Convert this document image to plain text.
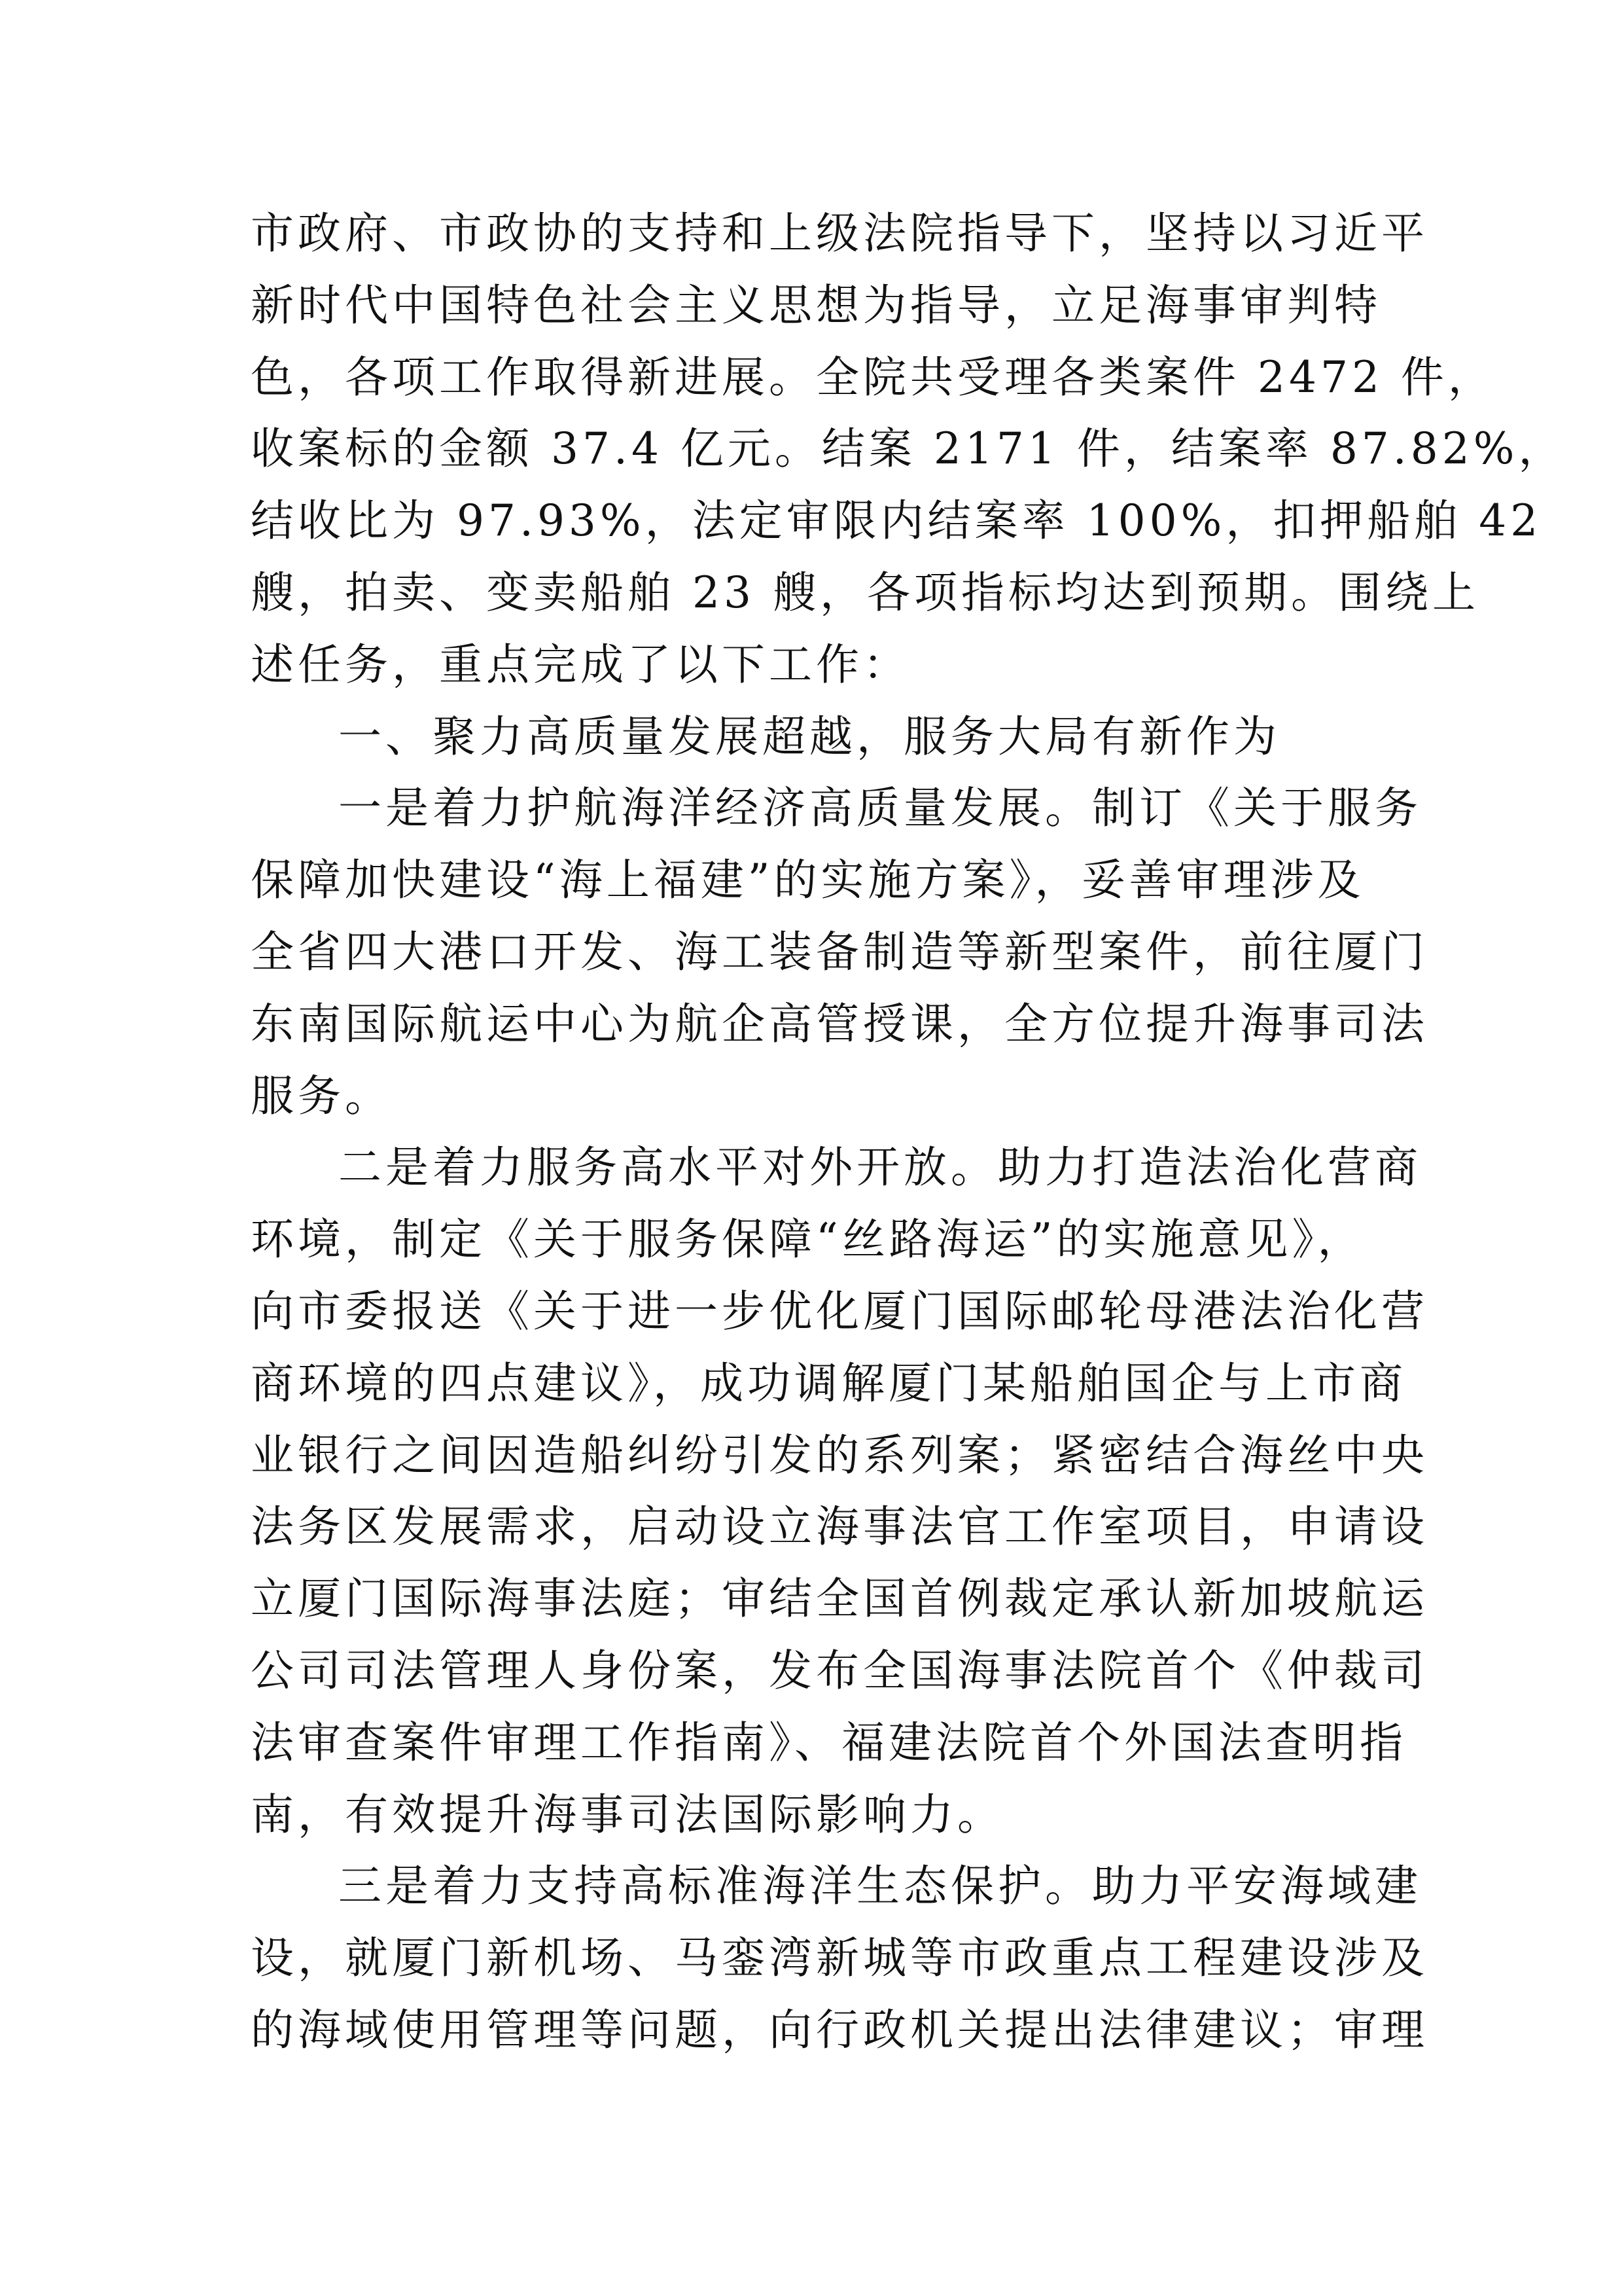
市政府、市政协的支持和上级法院指导下，坚持以习近平
新时代中国特色社会主义思想为指导，立足海事审判特
色，各项工作取得新进展。全院共受理各类案件 2472 件，
收案标的金额 37.4 亿元。结案 2171 件，结案率 87.82%，
结收比为 97.93%，法定审限内结案率 100%，扣押船舶 42
艘，拍卖、变卖船舶 23 艘，各项指标均达到预期。围绕上
述任务，重点完成了以下工作：
一、聚力高质量发展超越，服务大局有新作为
一是着力护航海洋经济高质量发展。制订《关于服务
保障加快建设“海上福建”的实施方案》，妥善审理涉及
全省四大港口开发、海工装备制造等新型案件，前往厦门
东南国际航运中心为航企高管授课，全方位提升海事司法
服务。
二是着力服务高水平对外开放。助力打造法治化营商
环境，制定《关于服务保障“丝路海运”的实施意见》，
向市委报送《关于进一步优化厦门国际邮轮母港法治化营
商环境的四点建议》，成功调解厦门某船舶国企与上市商
业银行之间因造船纠纷引发的系列案；紧密结合海丝中央
法务区发展需求，启动设立海事法官工作室项目，申请设
立厦门国际海事法庭；审结全国首例裁定承认新加坡航运
公司司法管理人身份案，发布全国海事法院首个《仲裁司
法审查案件审理工作指南》、福建法院首个外国法查明指
南，有效提升海事司法国际影响力。
三是着力支持高标准海洋生态保护。助力平安海域建
设，就厦门新机场、马銮湾新城等市政重点工程建设涉及
的海域使用管理等问题，向行政机关提出法律建议；审理
